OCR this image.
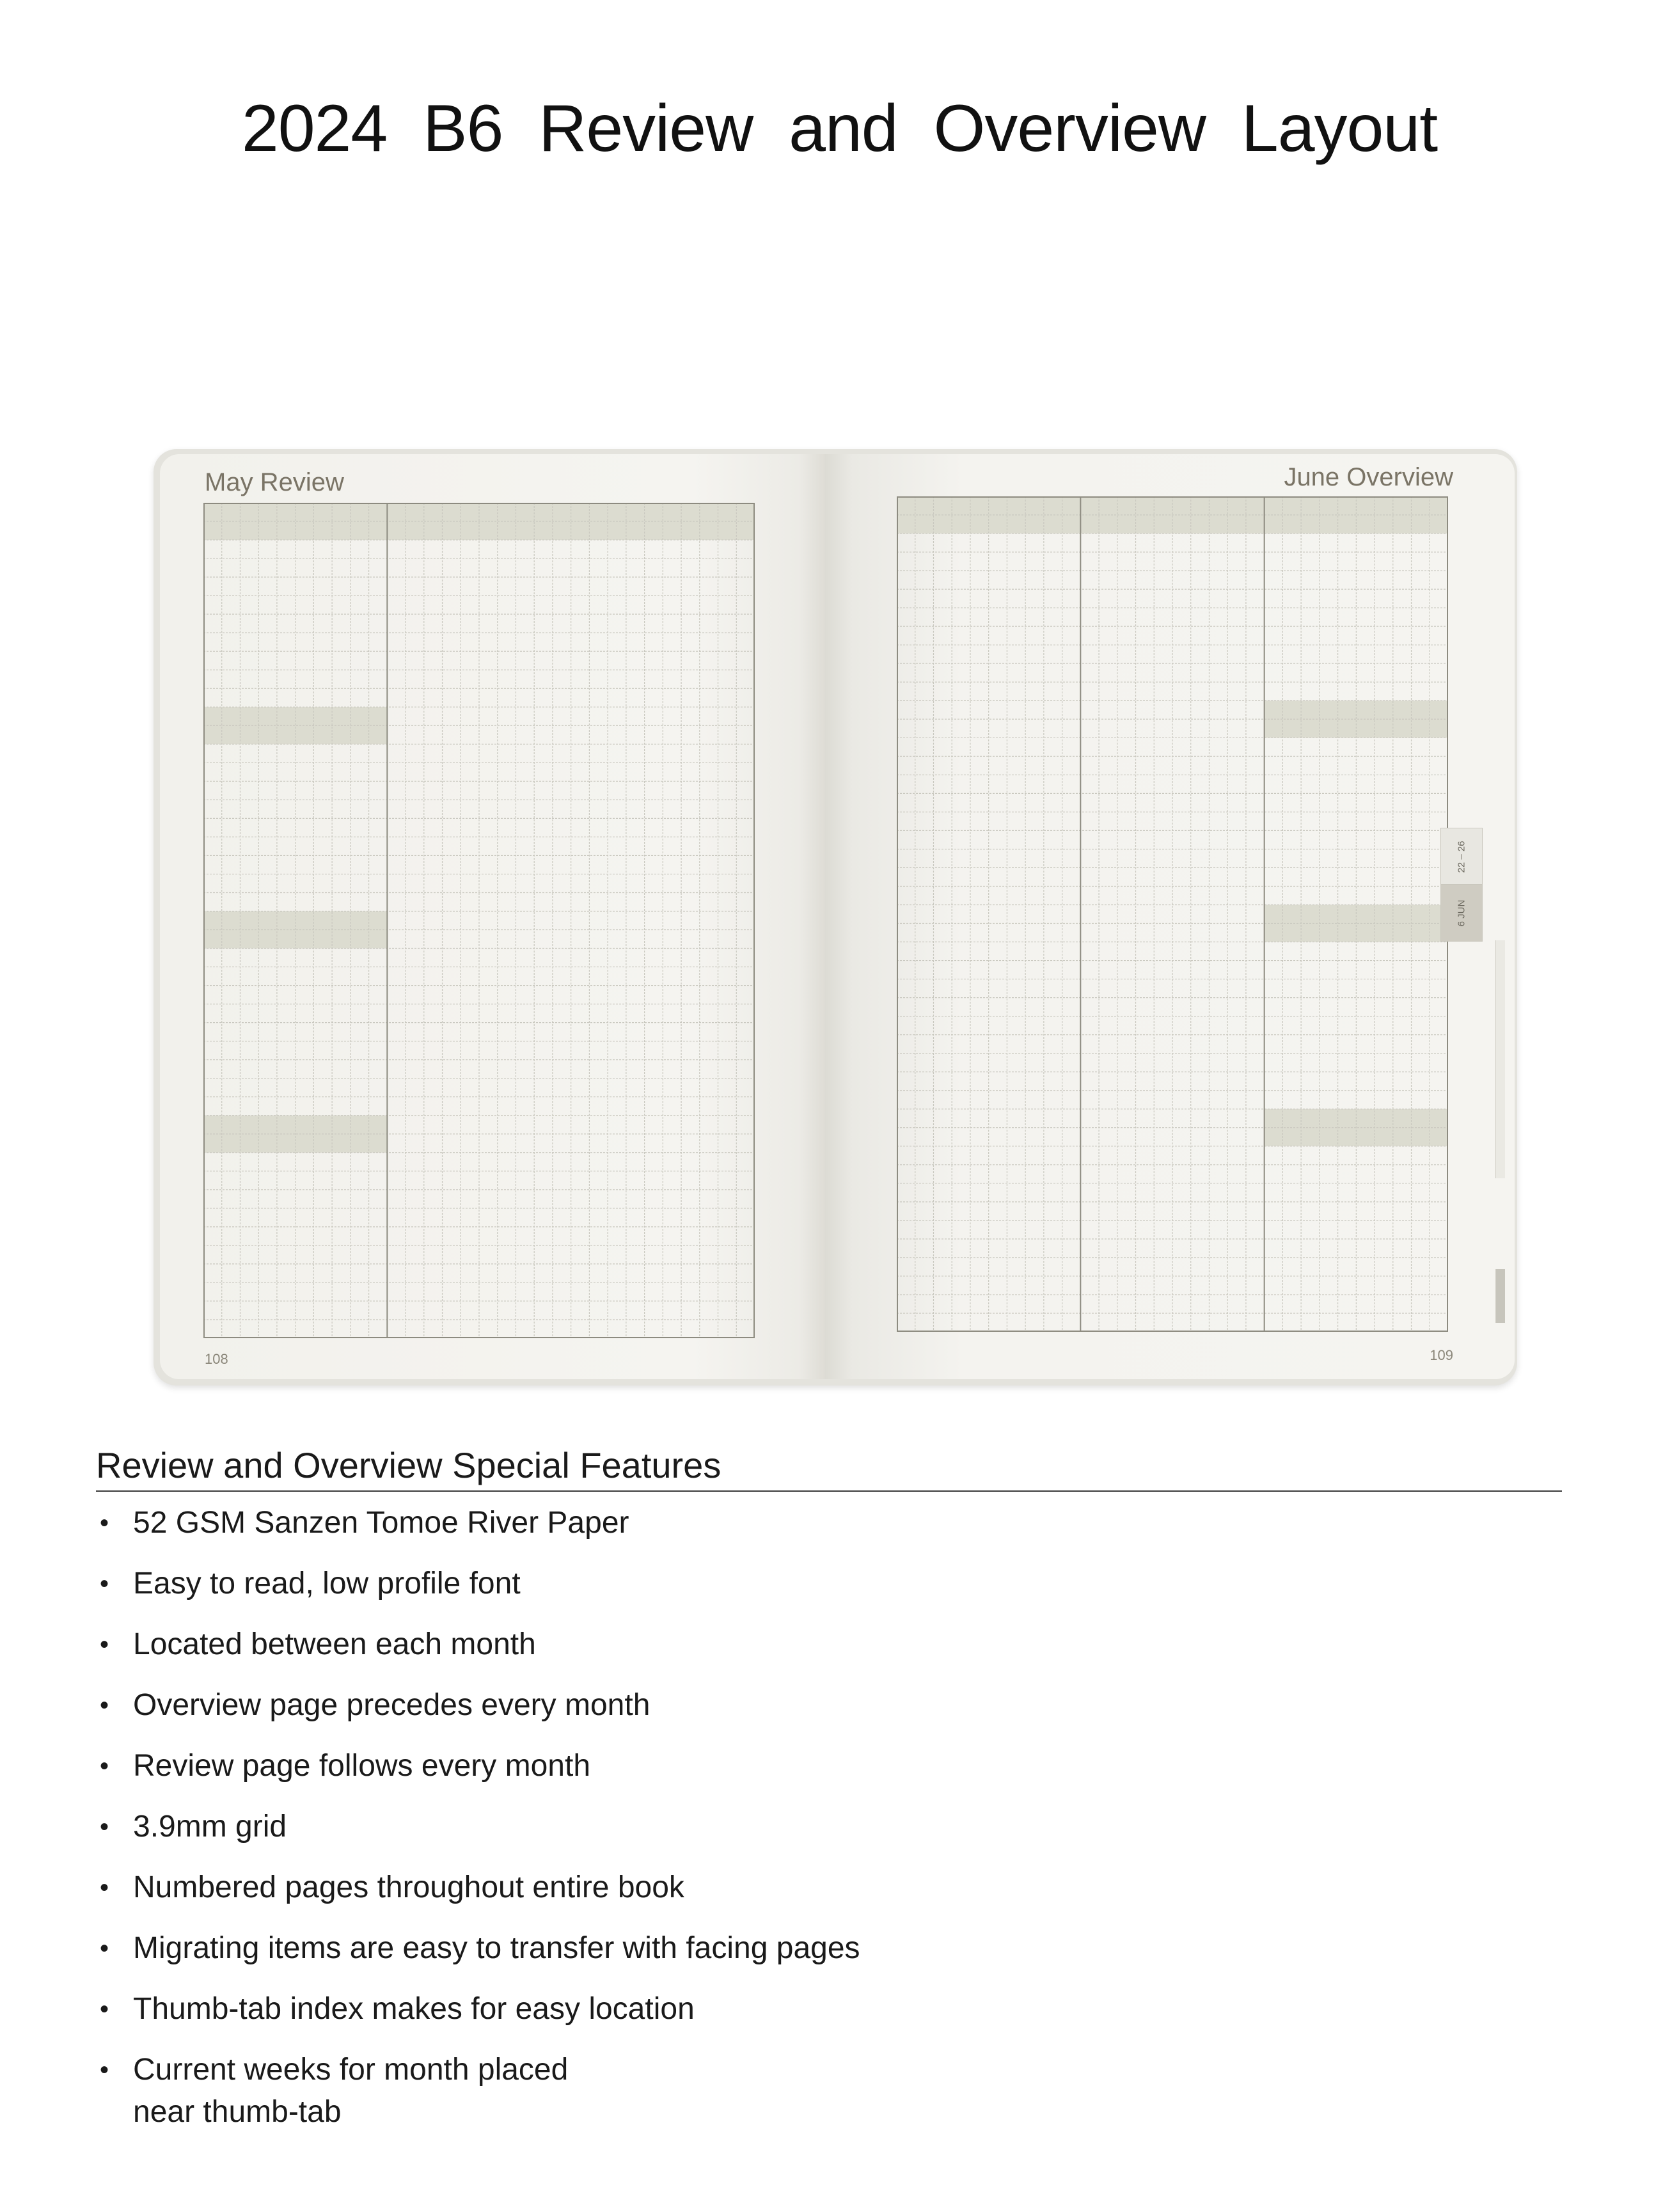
2024 B6 Review and Overview Layout
May Review
108
June Overview
109
22 – 26
6 JUN
Review and Overview Special Features
• 52 GSM Sanzen Tomoe River Paper
• Easy to read, low profile font
• Located between each month
• Overview page precedes every month
• Review page follows every month
• 3.9mm grid
• Numbered pages throughout entire book
• Migrating items are easy to transfer with facing pages
• Thumb-tab index makes for easy location
• Current weeks for month placed
near thumb-tab
